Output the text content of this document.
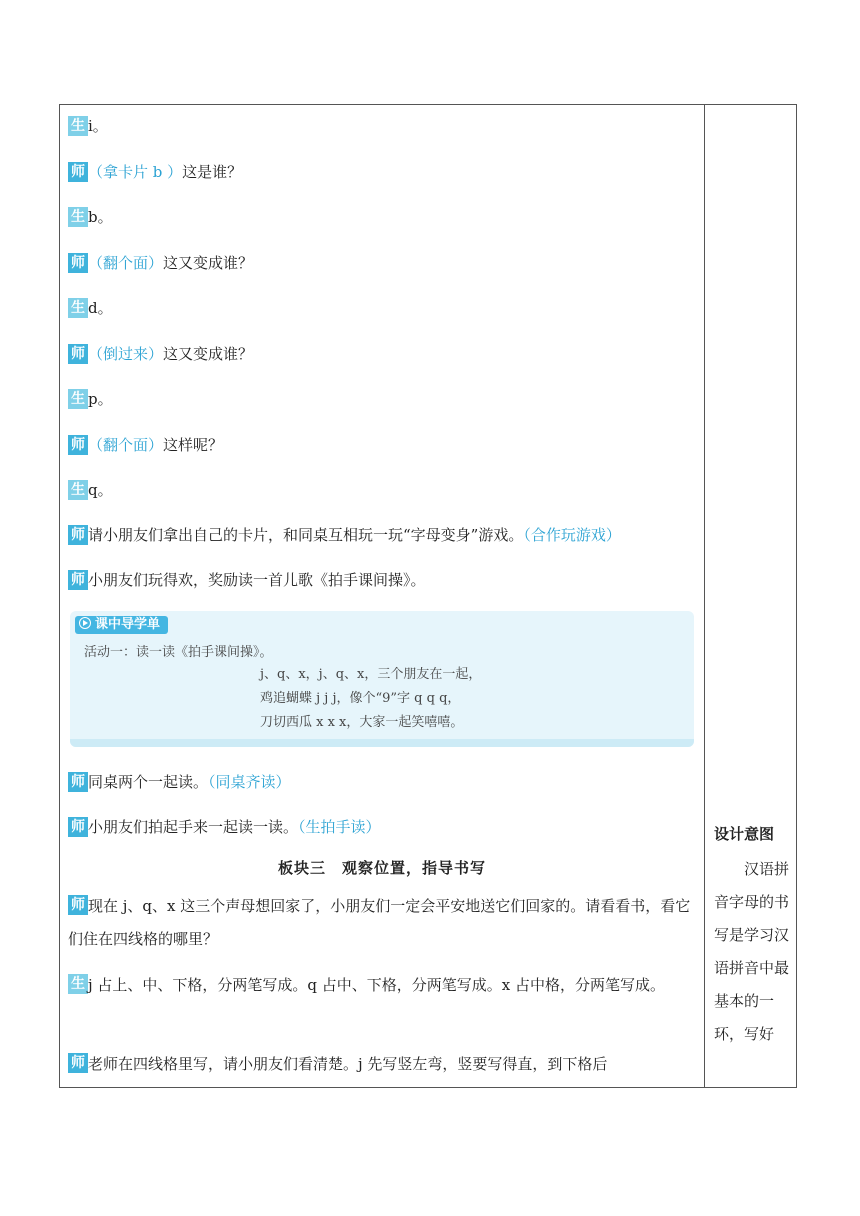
生 i。
师 （拿卡片 b ）这是谁？
生 b。
师 （翻个面）这又变成谁？
生 d。
师 （倒过来）这又变成谁？
生 p。
师 （翻个面）这样呢？
生 q。
师 请小朋友们拿出自己的卡片，和同桌互相玩一玩“字母变身”游戏。（合作玩游戏）
师 小朋友们玩得欢，奖励读一首儿歌《拍手课间操》。
课中导学单
活动一：读一读《拍手课间操》。
j、q、x，j、q、x，三个朋友在一起，
鸡追蝴蝶 j j j，像个“9”字 q q q，
刀切西瓜 x x x，大家一起笑嘻嘻。
师 同桌两个一起读。（同桌齐读）
师 小朋友们拍起手来一起读一读。（生拍手读）
板块三　观察位置，指导书写
师 现在 j、q、x 这三个声母想回家了，小朋友们一定会平安地送它们回家的。请看看书，看它们住在四线格的哪里？
生 j 占上、中、下格，分两笔写成。q 占中、下格，分两笔写成。x 占中格，分两笔写成。
师 老师在四线格里写，请小朋友们看清楚。j 先写竖左弯，竖要写得直，到下格后
设计意图
汉语拼音字母的书写是学习汉语拼音中最基本的一环，写好
